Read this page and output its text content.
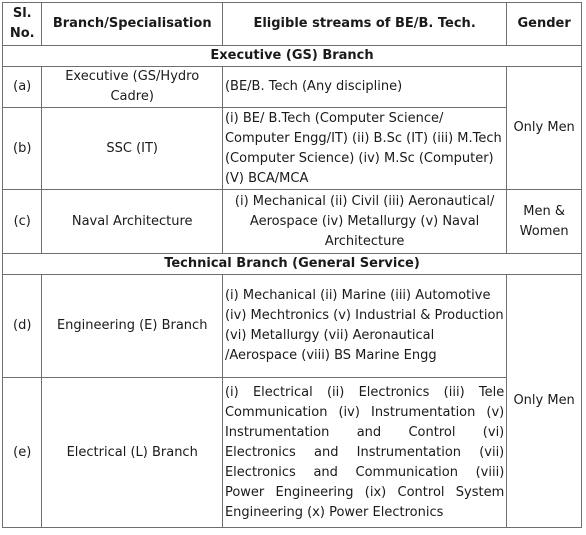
Sl. No.	Branch/Specialisation	Eligible streams of BE/B. Tech.	Gender
Executive (GS) Branch			
(a)	Executive (GS/Hydro Cadre)	(BE/B. Tech (Any discipline)	Only Men
(b)	SSC (IT)	(i) BE/ B.Tech (Computer Science/ Computer Engg/IT) (ii) B.Sc (IT) (iii) M.Tech (Computer Science) (iv) M.Sc (Computer) (V) BCA/MCA	
(c)	Naval Architecture	(i) Mechanical (ii) Civil (iii) Aeronautical/ Aerospace (iv) Metallurgy (v) Naval Architecture	Men & Women
Technical Branch (General Service)			
(d)	Engineering (E) Branch	(i) Mechanical (ii) Marine (iii) Automotive (iv) Mechtronics (v) Industrial & Production (vi) Metallurgy (vii) Aeronautical /Aerospace (viii) BS Marine Engg	Only Men
(e)	Electrical (L) Branch	(i) Electrical (ii) Electronics (iii) Tele Communication (iv) Instrumentation (v) Instrumentation and Control (vi) Electronics and Instrumentation (vii) Electronics and Communication (viii) Power Engineering (ix) Control System Engineering (x) Power Electronics	
